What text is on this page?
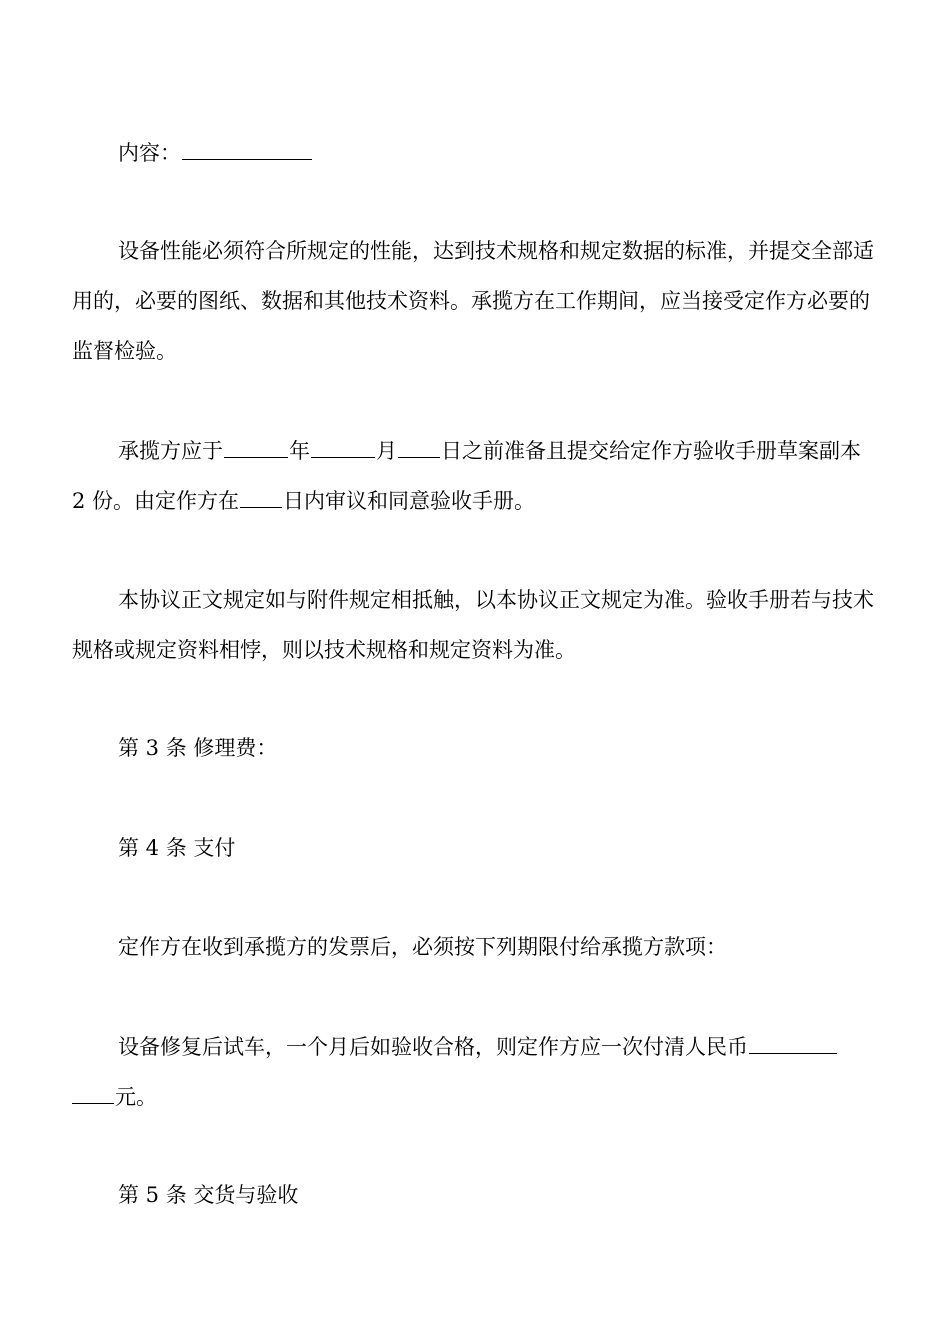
内容：

设备性能必须符合所规定的性能，达到技术规格和规定数据的标准，并提交全部适用的，必要的图纸、数据和其他技术资料。承揽方在工作期间，应当接受定作方必要的监督检验。

承揽方应于	年	月 日之前准备且提交给定作方验收手册草案副本 2 份。由定作方在 日内审议和同意验收手册。

本协议正文规定如与附件规定相抵触，以本协议正文规定为准。验收手册若与技术规格或规定资料相悖，则以技术规格和规定资料为准。

第 3 条 修理费：

第 4 条 支付

定作方在收到承揽方的发票后，必须按下列期限付给承揽方款项：

设备修复后试车，一个月后如验收合格，则定作方应一次付清人民币
元。

第 5 条 交货与验收
